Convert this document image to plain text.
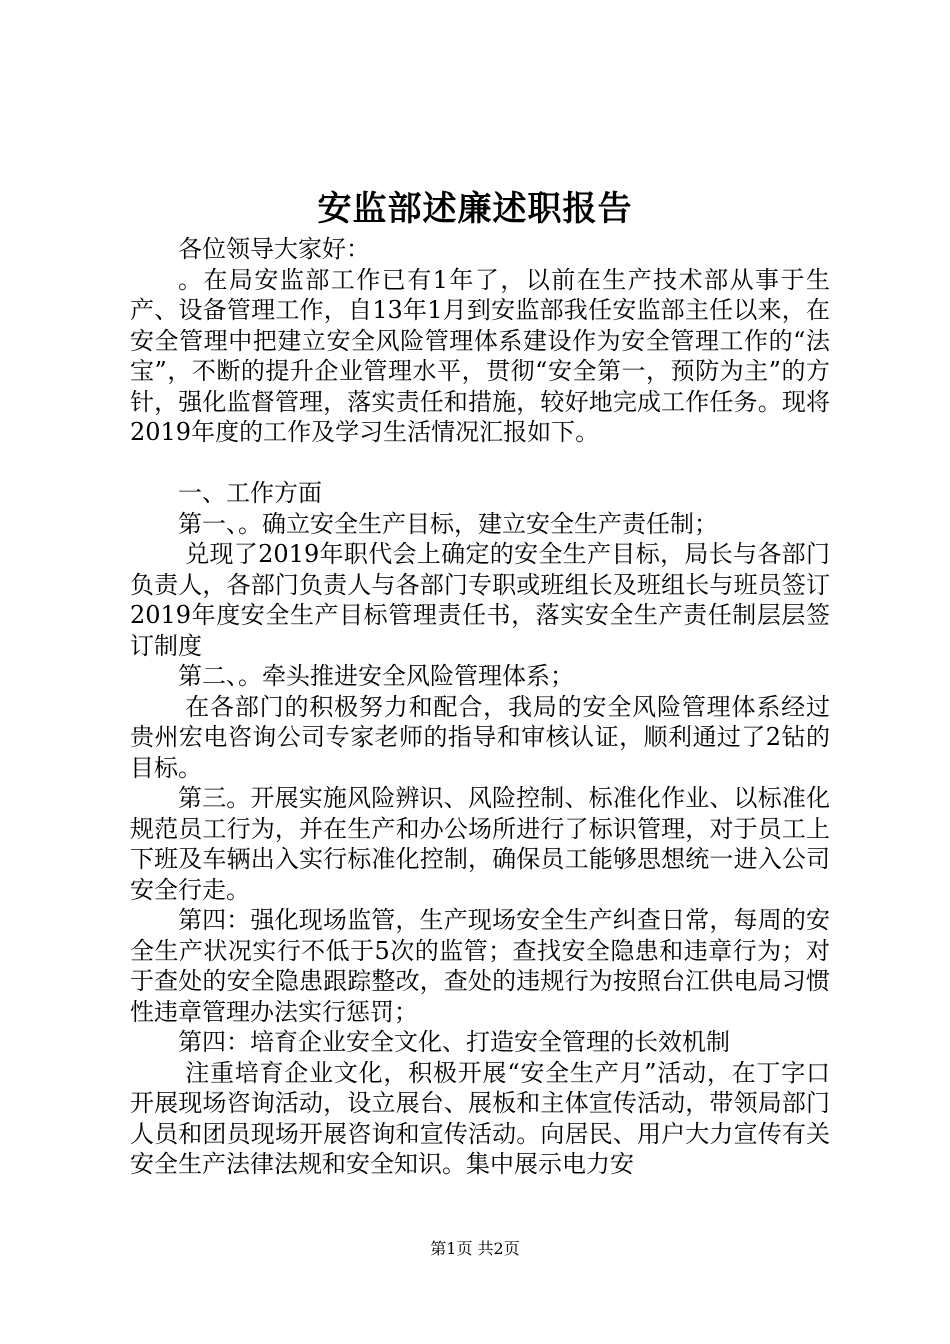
安监部述廉述职报告

各位领导大家好：

。在局安监部工作已有1年了，以前在生产技术部从事于生产、设备管理工作，自13年1月到安监部我任安监部主任以来，在安全管理中把建立安全风险管理体系建设作为安全管理工作的“法宝”，不断的提升企业管理水平，贯彻“安全第一，预防为主”的方针，强化监督管理，落实责任和措施，较好地完成工作任务。现将2019年度的工作及学习生活情况汇报如下。

一、工作方面

第一、。确立安全生产目标，建立安全生产责任制；

兑现了2019年职代会上确定的安全生产目标，局长与各部门负责人，各部门负责人与各部门专职或班组长及班组长与班员签订2019年度安全生产目标管理责任书，落实安全生产责任制层层签订制度

第二、。牵头推进安全风险管理体系；

在各部门的积极努力和配合，我局的安全风险管理体系经过贵州宏电咨询公司专家老师的指导和审核认证，顺利通过了2钻的目标。

第三。开展实施风险辨识、风险控制、标准化作业、以标准化规范员工行为，并在生产和办公场所进行了标识管理，对于员工上下班及车辆出入实行标准化控制，确保员工能够思想统一进入公司安全行走。

第四：强化现场监管，生产现场安全生产纠查日常，每周的安全生产状况实行不低于5次的监管；查找安全隐患和违章行为；对于查处的安全隐患跟踪整改，查处的违规行为按照台江供电局习惯性违章管理办法实行惩罚；

第四：培育企业安全文化、打造安全管理的长效机制

注重培育企业文化，积极开展“安全生产月”活动，在丁字口开展现场咨询活动，设立展台、展板和主体宣传活动，带领局部门人员和团员现场开展咨询和宣传活动。向居民、用户大力宣传有关安全生产法律法规和安全知识。集中展示电力安

第1页 共2页
